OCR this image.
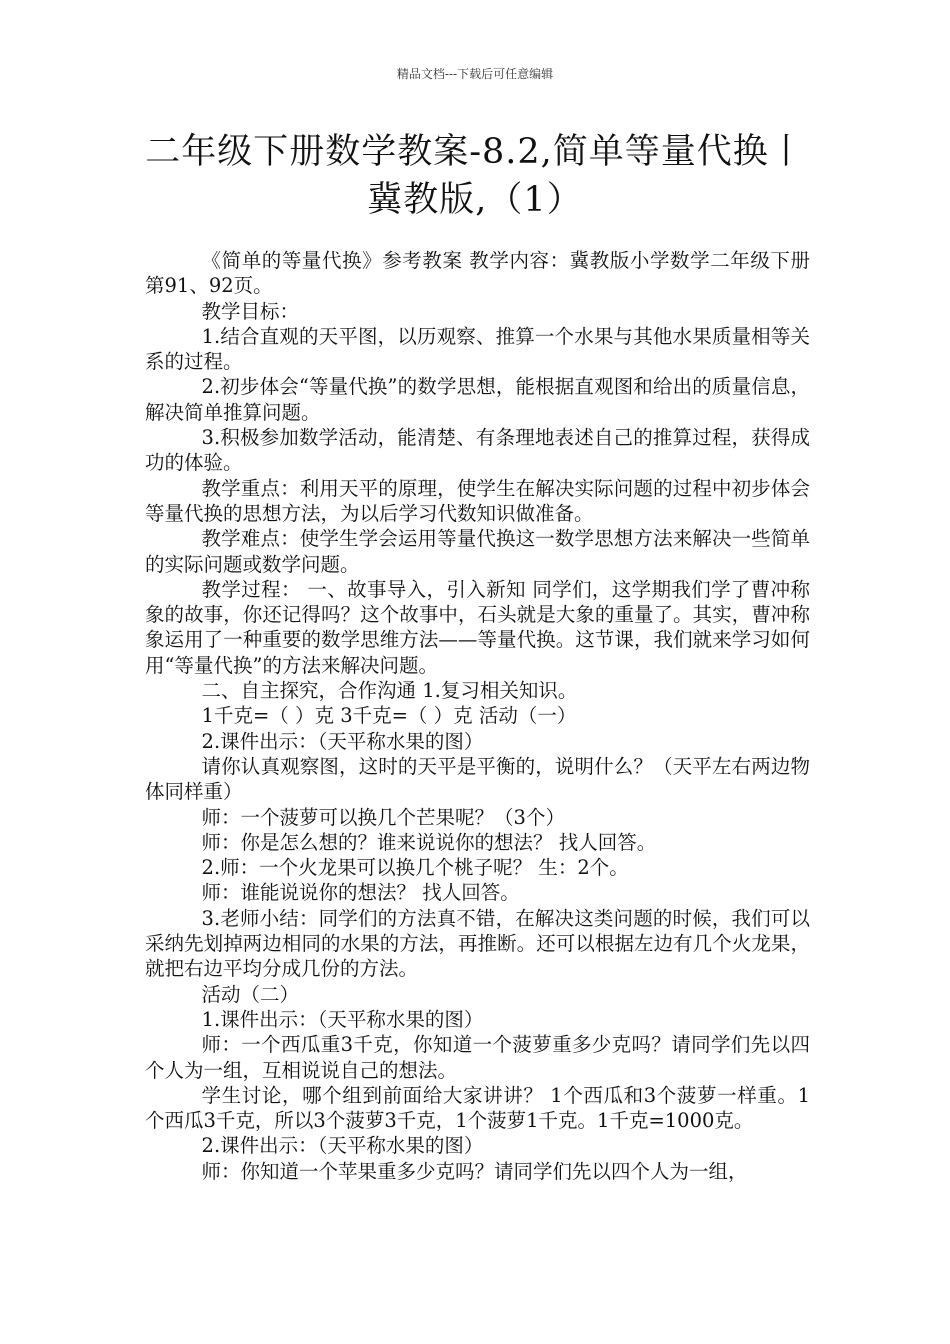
精品文档---下载后可任意编辑
二年级下册数学教案-8.2,简单等量代换丨
冀教版,（1）

《简单的等量代换》参考教案 教学内容：冀教版小学数学二年级下册第91、92页。

教学目标：

1.结合直观的天平图，以历观察、推算一个水果与其他水果质量相等关系的过程。

2.初步体会“等量代换”的数学思想，能根据直观图和给出的质量信息，解决简单推算问题。

3.积极参加数学活动，能清楚、有条理地表述自己的推算过程，获得成功的体验。

教学重点：利用天平的原理，使学生在解决实际问题的过程中初步体会等量代换的思想方法，为以后学习代数知识做准备。

教学难点：使学生学会运用等量代换这一数学思想方法来解决一些简单的实际问题或数学问题。

教学过程： 一、故事导入，引入新知 同学们，这学期我们学了曹冲称象的故事，你还记得吗？这个故事中，石头就是大象的重量了。其实，曹冲称象运用了一种重要的数学思维方法——等量代换。这节课，我们就来学习如何用“等量代换”的方法来解决问题。

二、自主探究，合作沟通 1.复习相关知识。

1千克=（ ）克 3千克=（ ）克 活动（一）

2.课件出示：（天平称水果的图）

请你认真观察图，这时的天平是平衡的，说明什么？（天平左右两边物体同样重）

师：一个菠萝可以换几个芒果呢？（3个）

师：你是怎么想的？谁来说说你的想法？ 找人回答。

2.师：一个火龙果可以换几个桃子呢？ 生：2个。

师：谁能说说你的想法？ 找人回答。

3.老师小结：同学们的方法真不错，在解决这类问题的时候，我们可以采纳先划掉两边相同的水果的方法，再推断。还可以根据左边有几个火龙果，就把右边平均分成几份的方法。

活动（二）

1.课件出示：（天平称水果的图）

师：一个西瓜重3千克，你知道一个菠萝重多少克吗？请同学们先以四个人为一组，互相说说自己的想法。

学生讨论，哪个组到前面给大家讲讲？ 1个西瓜和3个菠萝一样重。1个西瓜3千克，所以3个菠萝3千克，1个菠萝1千克。1千克=1000克。

2.课件出示：（天平称水果的图）

师：你知道一个苹果重多少克吗？请同学们先以四个人为一组，
